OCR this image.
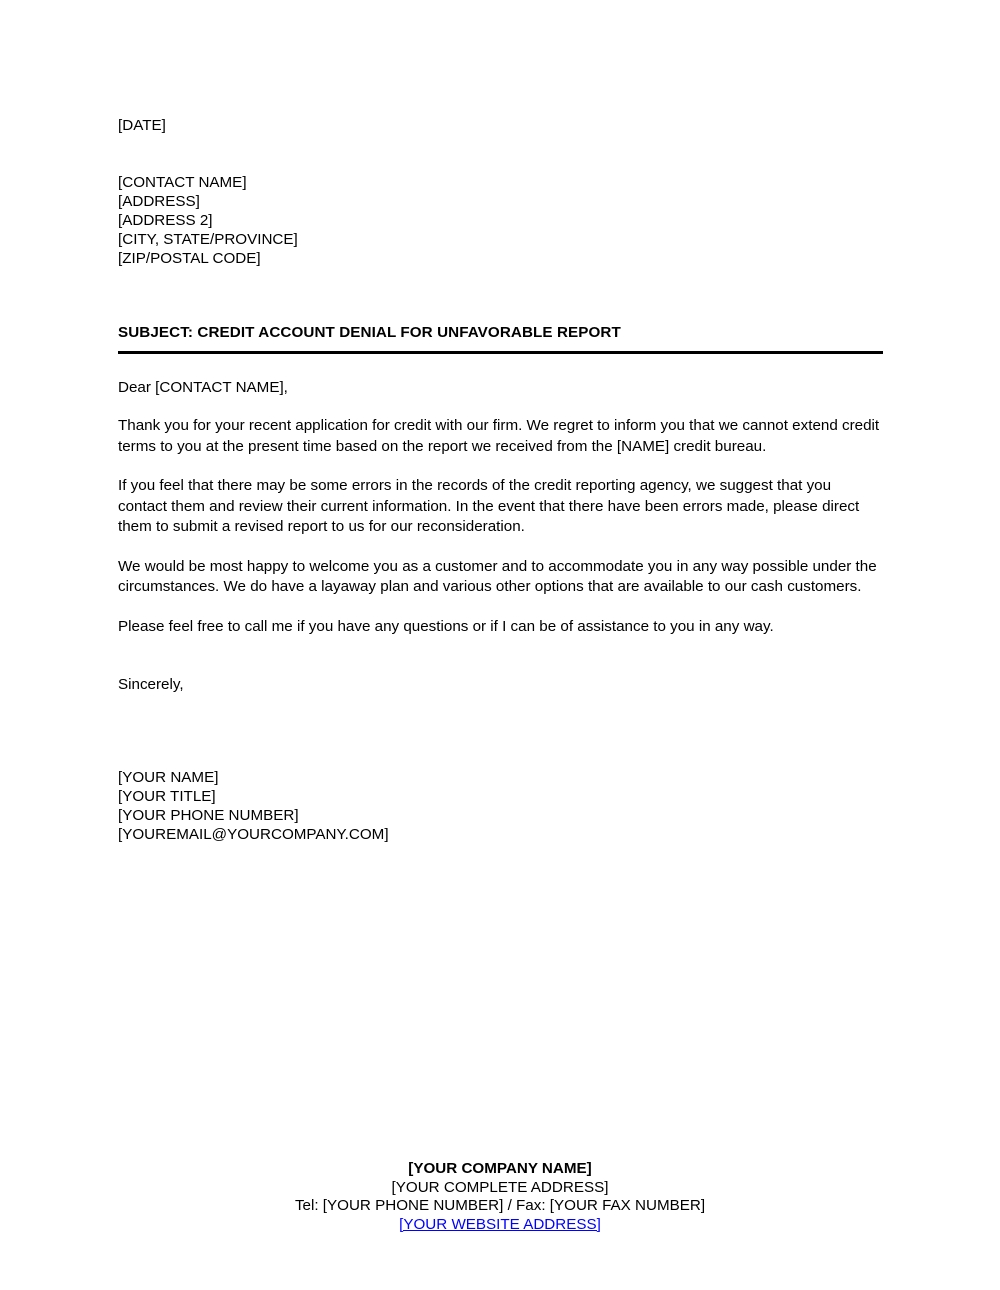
[DATE]
[CONTACT NAME]
[ADDRESS]
[ADDRESS 2]
[CITY, STATE/PROVINCE]
[ZIP/POSTAL CODE]
SUBJECT: CREDIT ACCOUNT DENIAL FOR UNFAVORABLE REPORT
Dear [CONTACT NAME],
Thank you for your recent application for credit with our firm. We regret to inform you that we cannot extend credit terms to you at the present time based on the report we received from the [NAME] credit bureau.
If you feel that there may be some errors in the records of the credit reporting agency, we suggest that you contact them and review their current information. In the event that there have been errors made, please direct them to submit a revised report to us for our reconsideration.
We would be most happy to welcome you as a customer and to accommodate you in any way possible under the circumstances. We do have a layaway plan and various other options that are available to our cash customers.
Please feel free to call me if you have any questions or if I can be of assistance to you in any way.
Sincerely,
[YOUR NAME]
[YOUR TITLE]
[YOUR PHONE NUMBER]
[YOUREMAIL@YOURCOMPANY.COM]
[YOUR COMPANY NAME]
[YOUR COMPLETE ADDRESS]
Tel: [YOUR PHONE NUMBER] / Fax: [YOUR FAX NUMBER]
[YOUR WEBSITE ADDRESS]
